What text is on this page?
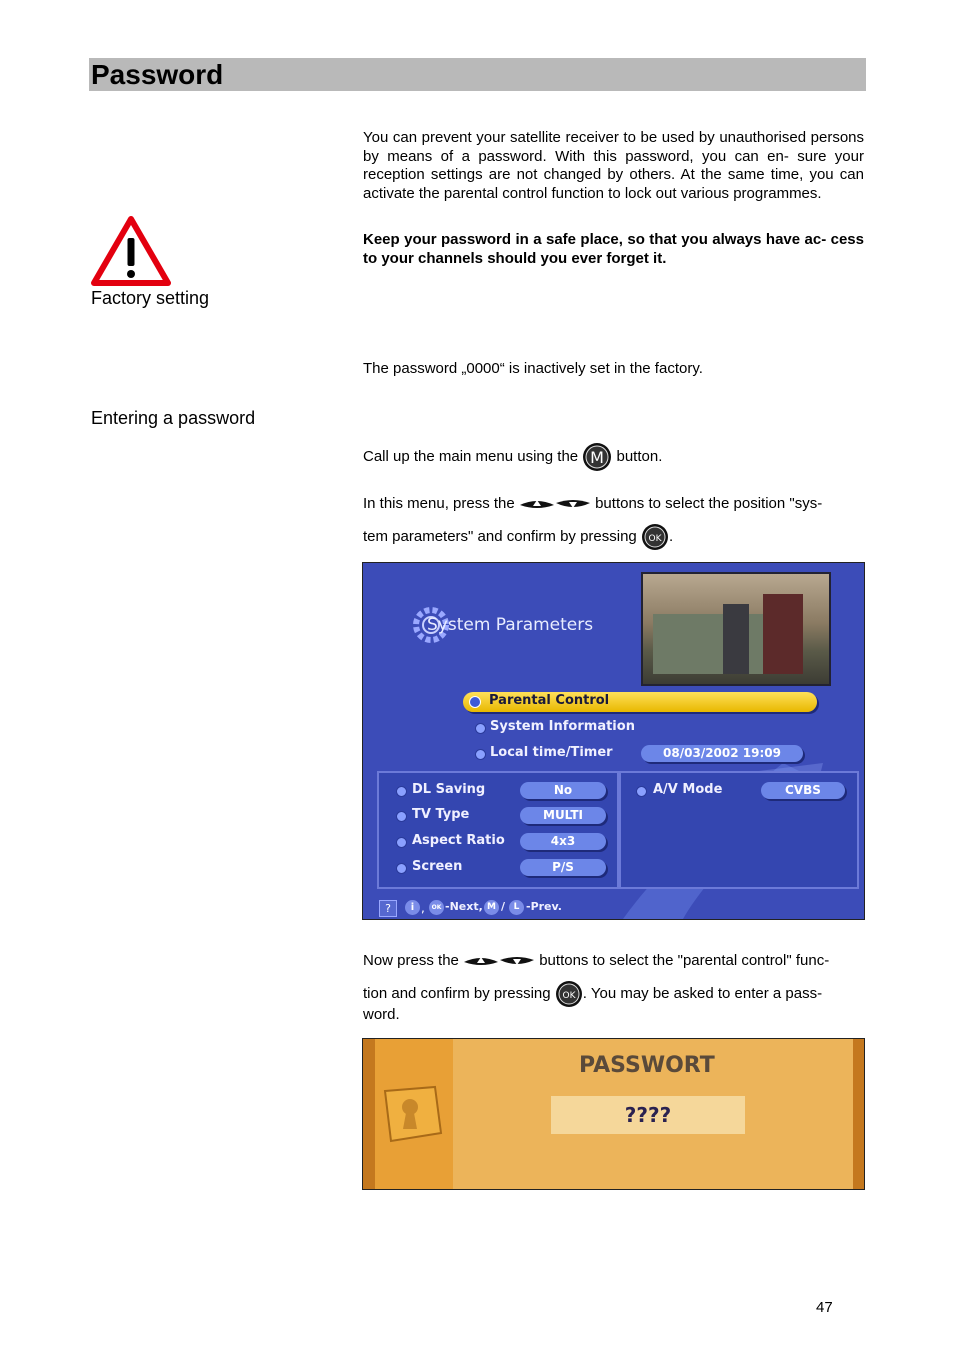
Password
You can prevent your satellite receiver to be used by unauthorised persons by means of a password. With this password, you can en- sure your reception settings are not changed by others. At the same time, you can activate the parental control function to lock out various programmes.
Keep your password in a safe place, so that you always have ac- cess to your channels should you ever forget it.
Factory setting
The password „0000“ is inactively set in the factory.
Entering a password
Call up the main menu using the M button.
In this menu, press the	buttons to select the position "sys-
tem parameters" and confirm by pressing OK .
System Parameters
Parental Control
System Information
Local time/Timer	08/03/2002 19:09
DL Saving	No
TV Type	MULTI
Aspect Ratio	4x3
Screen	P/S
A/V Mode	CVBS
?	i ,	OK -Next, M / L -Prev.
Now press the	buttons to select the "parental control" func-
tion and confirm by pressing OK . You may be asked to enter a pass-
word.
PASSWORT
????
47
